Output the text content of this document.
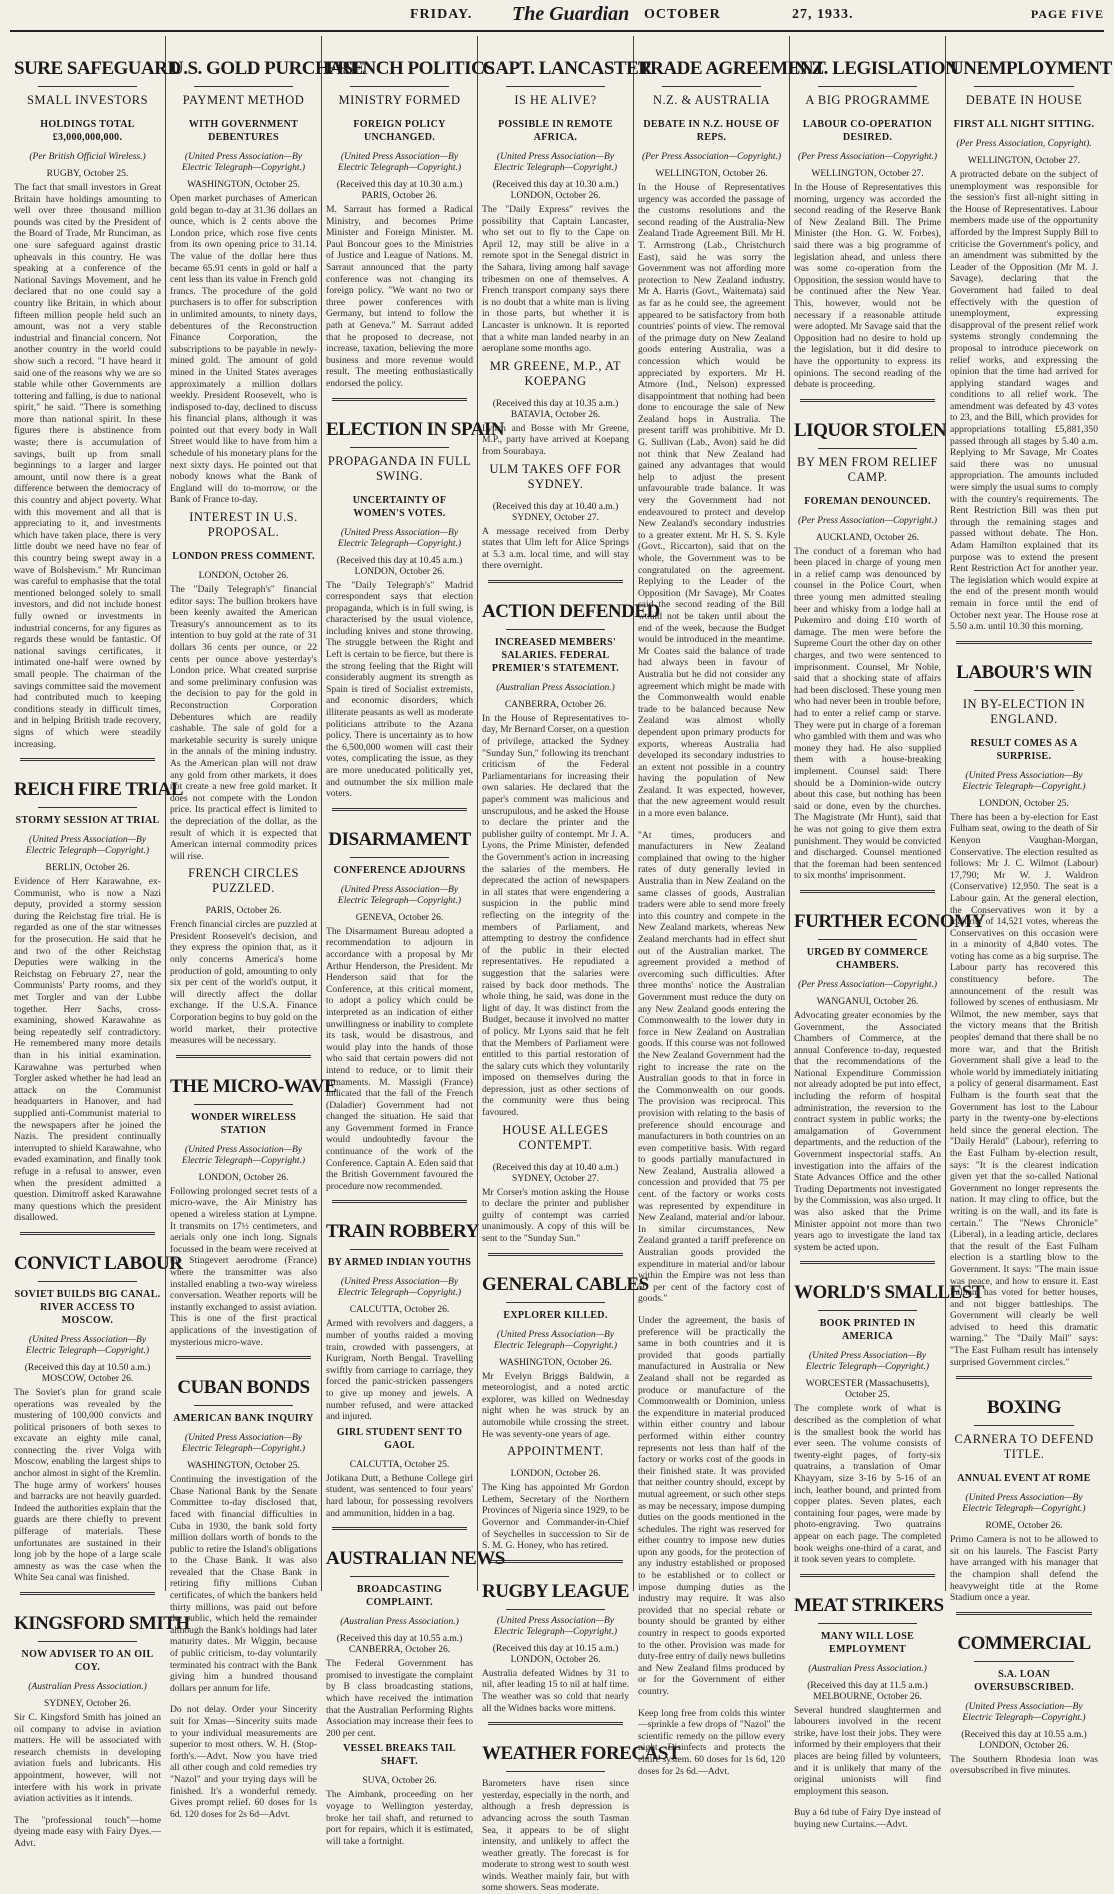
FRIDAY. The Guardian OCTOBER	27, 1933.	PAGE FIVE
SURE SAFEGUARD
SMALL INVESTORS
HOLDINGS TOTAL £3,000,000,000.
(Per British Official Wireless.)
RUGBY, October 25.
The fact that small investors in Great Britain have holdings amounting to well over three thousand million pounds was cited by the President of the Board of Trade, Mr Runciman, as one sure safeguard against drastic upheavals in this country. He was speaking at a conference of the National Savings Movement, and he declared that no one could say a country like Britain, in which about fifteen million people held such an amount, was not a very stable industrial and financial concern. Not another country in the world could show such a record. "I have heard it said one of the reasons why we are so stable while other Governments are tottering and falling, is due to national spirit," he said. "There is something more than national spirit. In these figures there is abstinence from waste; there is accumulation of savings, built up from small beginnings to a larger and larger amount, until now there is a great difference between the democracy of this country and abject poverty. What with this movement and all that is appreciating to it, and investments which have taken place, there is very little doubt we need have no fear of this country being swept away in a wave of Bolshevism." Mr Runciman was careful to emphasise that the total mentioned belonged solely to small investors, and did not include honest fully owned or investments in industrial concerns, for any figures as regards these would be fantastic. Of national savings certificates, it intimated one-half were owned by small people. The chairman of the savings committee said the movement had contributed much to keeping conditions steady in difficult times, and in helping British trade recovery, signs of which were steadily increasing.
REICH FIRE TRIAL
STORMY SESSION AT TRIAL
(United Press Association—By Electric Telegraph—Copyright.)
BERLIN, October 26.
Evidence of Herr Karawahne, ex-Communist, who is now a Nazi deputy, provided a stormy session during the Reichstag fire trial. He is regarded as one of the star witnesses for the prosecution. He said that he and two of the other Reichstag Deputies were walking in the Reichstag on February 27, near the Communists' Party rooms, and they met Torgler and van der Lubbe together. Herr Sachs, cross-examining, showed Karawahne as being repeatedly self contradictory. He remembered many more details than in his initial examination. Karawahne was perturbed when Torgler asked whether he had lead an attack on the Communist headquarters in Hanover, and had supplied anti-Communist material to the newspapers after he joined the Nazis. The president continually interrupted to shield Karawahne, who evaded examination, and finally took refuge in a refusal to answer, even when the president admitted a question. Dimitroff asked Karawahne many questions which the president disallowed.
CONVICT LABOUR
SOVIET BUILDS BIG CANAL. RIVER ACCESS TO MOSCOW.
(United Press Association—By Electric Telegraph—Copyright.)
(Received this day at 10.50 a.m.) MOSCOW, October 26.
The Soviet's plan for grand scale operations was revealed by the mustering of 100,000 convicts and political prisoners of both sexes to excavate an eighty mile canal, connecting the river Volga with Moscow, enabling the largest ships to anchor almost in sight of the Kremlin. The huge army of workers' houses and barracks are not heavily guarded. Indeed the authorities explain that the guards are there chiefly to prevent pilferage of materials. These unfortunates are sustained in their long job by the hope of a large scale amnesty as was the case when the White Sea canal was finished.
KINGSFORD SMITH
NOW ADVISER TO AN OIL COY.
(Australian Press Association.)
SYDNEY, October 26.
Sir C. Kingsford Smith has joined an oil company to advise in aviation matters. He will be associated with research chemists in developing aviation fuels and lubricants. His appointment, however, will not interfere with his work in private aviation activities as it intends.
The "professional touch"—home dyeing made easy with Fairy Dyes.—Advt.
U.S. GOLD PURCHASE
PAYMENT METHOD
WITH GOVERNMENT DEBENTURES
(United Press Association—By Electric Telegraph—Copyright.)
WASHINGTON, October 25.
Open market purchases of American gold began to-day at 31.36 dollars an ounce, which is 2 cents above the London price, which rose five cents from its own opening price to 31.14. The value of the dollar here thus became 65.91 cents in gold or half a cent less than its value in French gold francs. The procedure of the gold purchasers is to offer for subscription in unlimited amounts, to ninety days, debentures of the Reconstruction Finance Corporation, the subscriptions to be payable in newly-mined gold. The amount of gold mined in the United States averages approximately a million dollars weekly. President Roosevelt, who is indisposed to-day, declined to discuss his financial plans, although it was pointed out that every body in Wall Street would like to have from him a schedule of his monetary plans for the next sixty days. He pointed out that nobody knows what the Bank of England will do to-morrow, or the Bank of France to-day.
INTEREST IN U.S. PROPOSAL.
LONDON PRESS COMMENT.
LONDON, October 26.
The "Daily Telegraph's" financial editor says: The bullion brokers have been keenly awaited the American Treasury's announcement as to its intention to buy gold at the rate of 31 dollars 36 cents per ounce, or 22 cents per ounce above yesterday's London price. What created surprise and some preliminary confusion was the decision to pay for the gold in Reconstruction Corporation Debentures which are readily cashable. The sale of gold for a marketable security is surely unique in the annals of the mining industry. As the American plan will not draw any gold from other markets, it does not create a new free gold market. It does not compete with the London price. Its practical effect is limited to the depreciation of the dollar, as the result of which it is expected that American internal commodity prices will rise.
FRENCH CIRCLES PUZZLED.
PARIS, October 26.
French financial circles are puzzled at President Roosevelt's decision, and they express the opinion that, as it only concerns America's home production of gold, amounting to only six per cent of the world's output, it will directly affect the dollar exchange. If the U.S.A. Finance Corporation begins to buy gold on the world market, their protective measures will be necessary.
THE MICRO-WAVE
WONDER WIRELESS STATION
(United Press Association—By Electric Telegraph—Copyright.)
LONDON, October 26.
Following prolonged secret tests of a micro-wave, the Air Ministry has opened a wireless station at Lympne. It transmits on 17½ centimeters, and aerials only one inch long. Signals focussed in the beam were received at the Stingevert aerodrome (France) where the transmitter was also installed enabling a two-way wireless conversation. Weather reports will be instantly exchanged to assist aviation. This is one of the first practical applications of the investigation of mysterious micro-wave.
CUBAN BONDS
AMERICAN BANK INQUIRY
(United Press Association—By Electric Telegraph—Copyright.)
WASHINGTON, October 25.
Continuing the investigation of the Chase National Bank by the Senate Committee to-day disclosed that, faced with financial difficulties in Cuba in 1930, the bank sold forty million dollars worth of bonds to the public to retire the Island's obligations to the Chase Bank. It was also revealed that the Chase Bank in retiring fifty millions Cuban certificates, of which the bankers held thirty millions, was paid out before the public, which held the remainder although the Bank's holdings had later maturity dates. Mr Wiggin, because of public criticism, to-day voluntarily terminated his contract with the Bank giving him a hundred thousand dollars per annum for life.
Do not delay. Order your Sincerity suit for Xmas—Sincerity suits made to your individual measurements are superior to most others. W. H. (Stop-forth's.—Advt. Now you have tried all other cough and cold remedies try "Nazol" and your trying days will be finished. It's a wonderful remedy. Gives prompt relief. 60 doses for 1s 6d. 120 doses for 2s 6d—Advt.
FRENCH POLITICS
MINISTRY FORMED
FOREIGN POLICY UNCHANGED.
(United Press Association—By Electric Telegraph—Copyright.)
(Received this day at 10.30 a.m.) PARIS, October 26.
M. Sarraut has formed a Radical Ministry, and becomes Prime Minister and Foreign Minister. M. Paul Boncour goes to the Ministries of Justice and League of Nations. M. Sarraut announced that the party conference was not changing its foreign policy. "We want no two or three power conferences with Germany, but intend to follow the path at Geneva." M. Sarraut added that he proposed to decrease, not increase, taxation, believing the more business and more revenue would result. The meeting enthusiastically endorsed the policy.
ELECTION IN SPAIN
PROPAGANDA IN FULL SWING.
UNCERTAINTY OF WOMEN'S VOTES.
(United Press Association—By Electric Telegraph—Copyright.)
(Received this day at 10.45 a.m.) LONDON, October 26.
The "Daily Telegraph's" Madrid correspondent says that election propaganda, which is in full swing, is characterised by the usual violence, including knives and stone throwing. The struggle between the Right and Left is certain to be fierce, but there is the strong feeling that the Right will considerably augment its strength as Spain is tired of Socialist extremists, and economic disorders, which illiterate peasants as well as moderate politicians attribute to the Azana policy. There is uncertainty as to how the 6,500,000 women will cast their votes, complicating the issue, as they are more uneducated politically yet, and outnumber the six million male voters.
DISARMAMENT
CONFERENCE ADJOURNS
(United Press Association—By Electric Telegraph—Copyright.)
GENEVA, October 26.
The Disarmament Bureau adopted a recommendation to adjourn in accordance with a proposal by Mr Arthur Henderson, the President. Mr Henderson said that for the Conference, at this critical moment, to adopt a policy which could be interpreted as an indication of either unwillingness or inability to complete its task, would be disastrous, and would play into the hands of those who said that certain powers did not intend to reduce, or to limit their armaments. M. Massigli (France) indicated that the fall of the French (Daladier) Government had not changed the situation. He said that any Government formed in France would undoubtedly favour the continuance of the work of the Conference. Captain A. Eden said that the British Government favoured the procedure now recommended.
TRAIN ROBBERY
BY ARMED INDIAN YOUTHS
(United Press Association—By Electric Telegraph—Copyright.)
CALCUTTA, October 26.
Armed with revolvers and daggers, a number of youths raided a moving train, crowded with passengers, at Kurigram, North Bengal. Travelling swiftly from carriage to carriage, they forced the panic-stricken passengers to give up money and jewels. A number refused, and were attacked and injured.
GIRL STUDENT SENT TO GAOL
CALCUTTA, October 25.
Jotikana Dutt, a Bethune College girl student, was sentenced to four years' hard labour, for possessing revolvers and ammunition, hidden in a bag.
AUSTRALIAN NEWS
BROADCASTING COMPLAINT.
(Australian Press Association.)
(Received this day at 10.55 a.m.) CANBERRA, October 26.
The Federal Government has promised to investigate the complaint by B class broadcasting stations, which have received the intimation that the Australian Performing Rights Association may increase their fees to 200 per cent.
VESSEL BREAKS TAIL SHAFT.
SUVA, October 26.
The Aimbank, proceeding on her voyage to Wellington yesterday, broke her tail shaft, and returned to port for repairs, which it is estimated, will take a fortnight.
CAPT. LANCASTER
IS HE ALIVE?
POSSIBLE IN REMOTE AFRICA.
(United Press Association—By Electric Telegraph—Copyright.)
(Received this day at 10.30 a.m.) LONDON, October 26.
The "Daily Express" revives the possibility that Captain Lancaster, who set out to fly to the Cape on April 12, may still be alive in a remote spot in the Senegal district in the Sahara, living among half savage tribesmen on one of themselves. A French transport company says there is no doubt that a white man is living in those parts, but whether it is Lancaster is unknown. It is reported that a white man landed nearby in an aeroplane some months ago.
MR GREENE, M.P., AT KOEPANG
(Received this day at 10.35 a.m.) BATAVIA, October 26.
Lynch and Bosse with Mr Greene, M.P., party have arrived at Koepang from Sourabaya.
ULM TAKES OFF FOR SYDNEY.
(Received this day at 10.40 a.m.) SYDNEY, October 27.
A message received from Derby states that Ulm left for Alice Springs at 5.3 a.m. local time, and will stay there overnight.
ACTION DEFENDED
INCREASED MEMBERS' SALARIES. FEDERAL PREMIER'S STATEMENT.
(Australian Press Association.)
CANBERRA, October 26.
In the House of Representatives to-day, Mr Bernard Corser, on a question of privilege, attacked the Sydney "Sunday Sun," following its trenchant criticism of the Federal Parliamentarians for increasing their own salaries. He declared that the paper's comment was malicious and unscrupulous, and he asked the House to declare the printer and the publisher guilty of contempt. Mr J. A. Lyons, the Prime Minister, defended the Government's action in increasing the salaries of the members. He deprecated the action of newspapers in all states that were engendering a suspicion in the public mind reflecting on the integrity of the members of Parliament, and attempting to destroy the confidence of the public in their elected representatives. He repudiated a suggestion that the salaries were raised by back door methods. The whole thing, he said, was done in the light of day. It was distinct from the Budget, because it involved no matter of policy. Mr Lyons said that he felt that the Members of Parliament were entitled to this partial restoration of the salary cuts which they voluntarily imposed on themselves during the depression, just as other sections of the community were thus being favoured.
HOUSE ALLEGES CONTEMPT.
(Received this day at 10.40 a.m.) SYDNEY, October 27.
Mr Corser's motion asking the House to declare the printer and publisher guilty of contempt was carried unanimously. A copy of this will be sent to the "Sunday Sun."
GENERAL CABLES
EXPLORER KILLED.
(United Press Association—By Electric Telegraph—Copyright.)
WASHINGTON, October 26.
Mr Evelyn Briggs Baldwin, a meteorologist, and a noted arctic explorer, was killed on Wednesday night when he was struck by an automobile while crossing the street. He was seventy-one years of age.
APPOINTMENT.
LONDON, October 26.
The King has appointed Mr Gordon Lethem, Secretary of the Northern Provinces of Nigeria since 1929, to be Governor and Commander-in-Chief of Seychelles in succession to Sir de S. M. G. Honey, who has retired.
RUGBY LEAGUE
(United Press Association—By Electric Telegraph—Copyright.)
(Received this day at 10.15 a.m.) LONDON, October 26.
Australia defeated Widnes by 31 to nil, after leading 15 to nil at half time. The weather was so cold that nearly all the Widnes backs wore mittens.
WEATHER FORECAST
Barometers have risen since yesterday, especially in the north, and although a fresh depression is advancing across the south Tasman Sea, it appears to be of slight intensity, and unlikely to affect the weather greatly. The forecast is for moderate to strong west to south west winds. Weather mainly fair, but with some showers. Seas moderate.
TRADE AGREEMENT
N.Z. & AUSTRALIA
DEBATE IN N.Z. HOUSE OF REPS.
(Per Press Association—Copyright.)
WELLINGTON, October 26.
In the House of Representatives urgency was accorded the passage of the customs resolutions and the second reading of the Australia-New Zealand Trade Agreement Bill. Mr H. T. Armstrong (Lab., Christchurch East), said he was sorry the Government was not affording more protection to New Zealand industry. Mr A. Harris (Govt., Waitemata) said as far as he could see, the agreement appeared to be satisfactory from both countries' points of view. The removal of the primage duty on New Zealand goods entering Australia, was a concession which would be appreciated by exporters. Mr H. Atmore (Ind., Nelson) expressed disappointment that nothing had been done to encourage the sale of New Zealand hops in Australia. The present tariff was prohibitive. Mr D. G. Sullivan (Lab., Avon) said he did not think that New Zealand had gained any advantages that would help to adjust the present unfavourable trade balance. It was very the Government had not endeavoured to protect and develop New Zealand's secondary industries to a greater extent. Mr H. S. S. Kyle (Govt., Riccarton), said that on the whole, the Government was to be congratulated on the agreement. Replying to the Leader of the Opposition (Mr Savage), Mr Coates said the second reading of the Bill would not be taken until about the end of the week, because the Budget would be introduced in the meantime. Mr Coates said the balance of trade had always been in favour of Australia but he did not consider any agreement which might be made with the Commonwealth would enable trade to be balanced because New Zealand was almost wholly dependent upon primary products for exports, whereas Australia had developed its secondary industries to an extent not possible in a country having the population of New Zealand. It was expected, however, that the new agreement would result in a more even balance.
"At times, producers and manufacturers in New Zealand complained that owing to the higher rates of duty generally levied in Australia than in New Zealand on the same classes of goods, Australian traders were able to send more freely into this country and compete in the New Zealand markets, whereas New Zealand merchants had in effect shut out of the Australian market. The agreement provided a method of overcoming such difficulties. After three months' notice the Australian Government must reduce the duty on any New Zealand goods entering the Commonwealth to the lower duty in force in New Zealand on Australian goods. If this course was not followed the New Zealand Government had the right to increase the rate on the Australian goods to that in force in the Commonwealth on our goods. The provision was reciprocal. This provision with relating to the basis of preference should encourage and manufacturers in both countries on an even competitive basis. With regard to goods partially manufactured in New Zealand, Australia allowed a concession and provided that 75 per cent. of the factory or works costs was represented by expenditure in New Zealand, material and/or labour. In similar circumstances, New Zealand granted a tariff preference on Australian goods provided the expenditure in material and/or labour within the Empire was not less than 50 per cent of the factory cost of goods."
Under the agreement, the basis of preference will be practically the same in both countries and it is provided that goods partially manufactured in Australia or New Zealand shall not be regarded as produce or manufacture of the Commonwealth or Dominion, unless the expenditure in material produced within either country and labour performed within either country represents not less than half of the factory or works cost of the goods in their finished state. It was provided that neither country should, except by mutual agreement, or such other steps as may be necessary, impose dumping duties on the goods mentioned in the schedules. The right was reserved for either country to impose new duties upon any goods, for the protection of any industry established or proposed to be established or to collect or impose dumping duties as the industry may require. It was also provided that no special rebate or bounty should be granted by either country in respect to goods exported to the other. Provision was made for duty-free entry of daily news bulletins and New Zealand films produced by or for the Government of either country.
Keep long free from colds this winter—sprinkle a few drops of "Nazol" the scientific remedy on the pillow every night. Disinfects and protects the entire system. 60 doses for 1s 6d, 120 doses for 2s 6d.—Advt.
N.Z. LEGISLATION
A BIG PROGRAMME
LABOUR CO-OPERATION DESIRED.
(Per Press Association—Copyright.)
WELLINGTON, October 27.
In the House of Representatives this morning, urgency was accorded the second reading of the Reserve Bank of New Zealand Bill. The Prime Minister (the Hon. G. W. Forbes), said there was a big programme of legislation ahead, and unless there was some co-operation from the Opposition, the session would have to be continued after the New Year. This, however, would not be necessary if a reasonable attitude were adopted. Mr Savage said that the Opposition had no desire to hold up the legislation, but it did desire to have the opportunity to express its opinions. The second reading of the debate is proceeding.
LIQUOR STOLEN
BY MEN FROM RELIEF CAMP.
FOREMAN DENOUNCED.
(Per Press Association—Copyright.)
AUCKLAND, October 26.
The conduct of a foreman who had been placed in charge of young men in a relief camp was denounced by counsel in the Police Court, when three young men admitted stealing beer and whisky from a lodge hall at Pukemiro and doing £10 worth of damage. The men were before the Supreme Court the other day on other charges, and two were sentenced to imprisonment. Counsel, Mr Noble, said that a shocking state of affairs had been disclosed. These young men who had never been in trouble before, had to enter a relief camp or starve. They were put in charge of a foreman who gambled with them and was who money they had. He also supplied them with a house-breaking implement. Counsel said: There should be a Dominion-wide outcry about this case, but nothing has been said or done, even by the churches. The Magistrate (Mr Hunt), said that he was not going to give them extra punishment. They would be convicted and discharged. Counsel mentioned that the foreman had been sentenced to six months' imprisonment.
FURTHER ECONOMY
URGED BY COMMERCE CHAMBERS.
(Per Press Association—Copyright.)
WANGANUI, October 26.
Advocating greater economies by the Government, the Associated Chambers of Commerce, at the annual Conference to-day, requested that the recommendations of the National Expenditure Commission not already adopted be put into effect, including the reform of hospital administration, the reversion to the contract system in public works; the amalgamation of Government departments, and the reduction of the Government inspectorial staffs. An investigation into the affairs of the State Advances Office and the other Trading Departments not investigated by the Commission, was also urged. It was also asked that the Prime Minister appoint not more than two years ago to investigate the land tax system be acted upon.
WORLD'S SMALLEST
BOOK PRINTED IN AMERICA
(United Press Association—By Electric Telegraph—Copyright.)
WORCESTER (Massachusetts), October 25.
The complete work of what is described as the completion of what is the smallest book the world has ever seen. The volume consists of twenty-eight pages, of forty-six quatrains, a translation of Omar Khayyam, size 3-16 by 5-16 of an inch, leather bound, and printed from copper plates. Seven plates, each containing four pages, were made by photo-engraving. Two quatrains appear on each page. The completed book weighs one-third of a carat, and it took seven years to complete.
MEAT STRIKERS
MANY WILL LOSE EMPLOYMENT
(Australian Press Association.)
(Received this day at 11.5 a.m.) MELBOURNE, October 26.
Several hundred slaughtermen and labourers involved in the recent strike, have lost their jobs. They were informed by their employers that their places are being filled by volunteers, and it is unlikely that many of the original unionists will find employment this season.
Buy a 6d tube of Fairy Dye instead of buying new Curtains.—Advt.
UNEMPLOYMENT
DEBATE IN HOUSE
FIRST ALL NIGHT SITTING.
(Per Press Association, Copyright).
WELLINGTON, October 27.
A protracted debate on the subject of unemployment was responsible for the session's first all-night sitting in the House of Representatives. Labour members made use of the opportunity afforded by the Imprest Supply Bill to criticise the Government's policy, and an amendment was submitted by the Leader of the Opposition (Mr M. J. Savage), declaring that the Government had failed to deal effectively with the question of unemployment, expressing disapproval of the present relief work systems strongly condemning the proposal to introduce piecework on relief works, and expressing the opinion that the time had arrived for applying standard wages and conditions to all relief work. The amendment was defeated by 43 votes to 23, and the Bill, which provides for appropriations totalling £5,881,350 passed through all stages by 5.40 a.m. Replying to Mr Savage, Mr Coates said there was no unusual appropriation. The amounts included were simply the usual sums to comply with the country's requirements. The Rent Restriction Bill was then put through the remaining stages and passed without debate. The Hon. Adam Hamilton explained that its purpose was to extend the present Rent Restriction Act for another year. The legislation which would expire at the end of the present month would remain in force until the end of October next year. The House rose at 5.50 a.m. until 10.30 this morning.
LABOUR'S WIN
IN BY-ELECTION IN ENGLAND.
RESULT COMES AS A SURPRISE.
(United Press Association—By Electric Telegraph—Copyright.)
LONDON, October 25.
There has been a by-election for East Fulham seat, owing to the death of Sir Kenyon Vaughan-Morgan, Conservative. The election resulted as follows: Mr J. C. Wilmot (Labour) 17,790; Mr W. J. Waldron (Conservative) 12,950. The seat is a Labour gain. At the general election, the Conservatives won it by a majority of 14,521 votes, whereas the Conservatives on this occasion were in a minority of 4,840 votes. The voting has come as a big surprise. The Labour party has recovered this constituency before. The announcement of the result was followed by scenes of enthusiasm. Mr Wilmot, the new member, says that the victory means that the British peoples' demand that there shall be no more war, and that the British Government shall give a lead to the whole world by immediately initiating a policy of general disarmament. East Fulham is the fourth seat that the Government has lost to the Labour party in the twenty-one by-elections held since the general election. The "Daily Herald" (Labour), referring to the East Fulham by-election result, says: "It is the clearest indication given yet that the so-called National Government no longer represents the nation. It may cling to office, but the writing is on the wall, and its fate is certain." The "News Chronicle" (Liberal), in a leading article, declares that the result of the East Fulham election is a startling blow to the Government. It says: "The main issue was peace, and how to ensure it. East Fulham has voted for better houses, and not bigger battleships. The Government will clearly be well advised to heed this dramatic warning." The "Daily Mail" says: "The East Fulham result has intensely surprised Government circles."
BOXING
CARNERA TO DEFEND TITLE.
ANNUAL EVENT AT ROME
(United Press Association—By Electric Telegraph—Copyright.)
ROME, October 26.
Primo Camera is not to be allowed to sit on his laurels. The Fascist Party have arranged with his manager that the champion shall defend the heavyweight title at the Rome Stadium once a year.
COMMERCIAL
S.A. LOAN OVERSUBSCRIBED.
(United Press Association—By Electric Telegraph—Copyright.)
(Received this day at 10.55 a.m.) LONDON, October 26.
The Southern Rhodesia loan was oversubscribed in five minutes.
